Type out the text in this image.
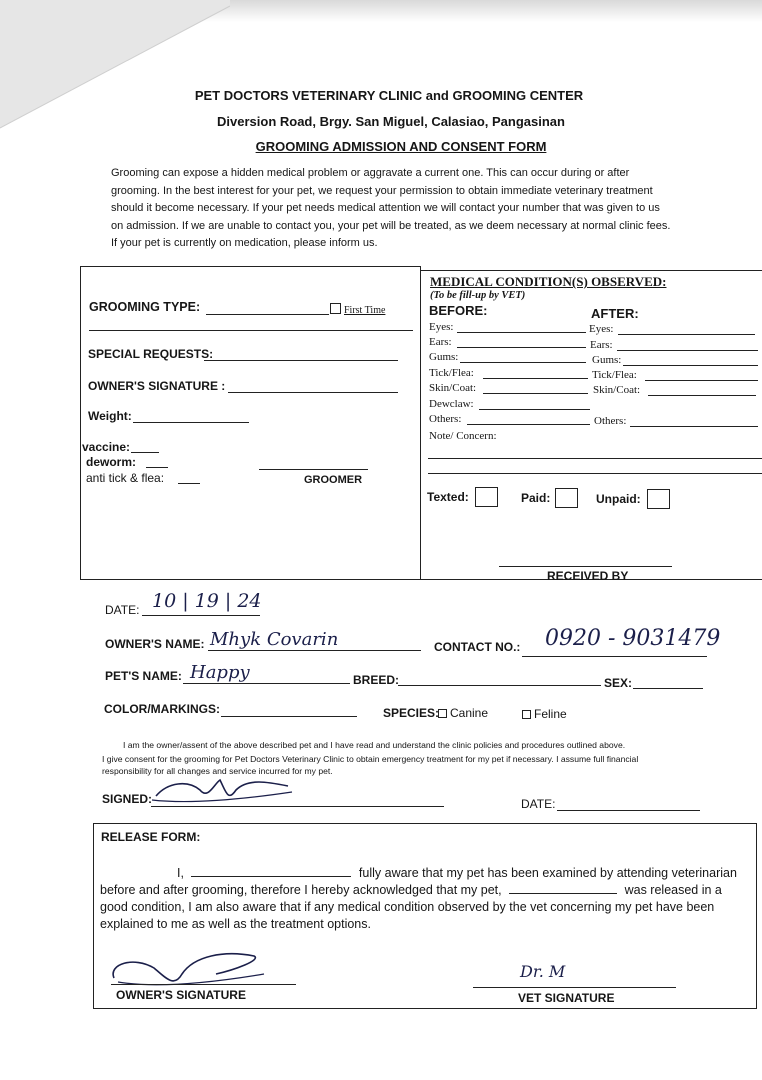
PET DOCTORS VETERINARY CLINIC and GROOMING CENTER
Diversion Road, Brgy. San Miguel, Calasiao, Pangasinan
GROOMING ADMISSION AND CONSENT FORM

Grooming can expose a hidden medical problem or aggravate a current one. This can occur during or after

grooming. In the best interest for your pet, we request your permission to obtain immediate veterinary treatment

should it become necessary. If your pet needs medical attention we will contact your number that was given to us

on admission. If we are unable to contact you, your pet will be treated, as we deem necessary at normal clinic fees.

If your pet is currently on medication, please inform us.

GROOMING TYPE:	First Time
SPECIAL REQUESTS:
OWNER'S SIGNATURE :
Weight:
vaccine:
deworm:
anti tick & flea:	GROOMER
MEDICAL CONDITION(S) OBSERVED:
(To be fill-up by VET)
BEFORE:	AFTER:
Eyes:
Ears:
Gums:
Tick/Flea:
Skin/Coat:
Dewclaw:
Others:
Note/ Concern:
Eyes:
Ears:
Gums:
Tick/Flea:
Skin/Coat:
Others:
Texted:	Paid:	Unpaid:
RECEIVED BY
DATE: 10 | 19 | 24
OWNER'S NAME: Mhyk Covarin	CONTACT NO.: 0920 - 9031479
PET'S NAME: Happy	BREED:	SEX:
COLOR/MARKINGS:	SPECIES: Canine	Feline
I am the owner/assent of the above described pet and I have read and understand the clinic policies and procedures outlined above.
I give consent for the grooming for Pet Doctors Veterinary Clinic to obtain emergency treatment for my pet if necessary. I assume full financial
responsibility for all changes and service incurred for my pet.
SIGNED:	DATE:
RELEASE FORM:
I,	fully aware that my pet has been examined by attending veterinarian
before and after grooming, therefore I hereby acknowledged that my pet,	was released in a
good condition, I am also aware that if any medical condition observed by the vet concerning my pet have been
explained to me as well as the treatment options.
OWNER'S SIGNATURE
Dr. M
VET SIGNATURE
